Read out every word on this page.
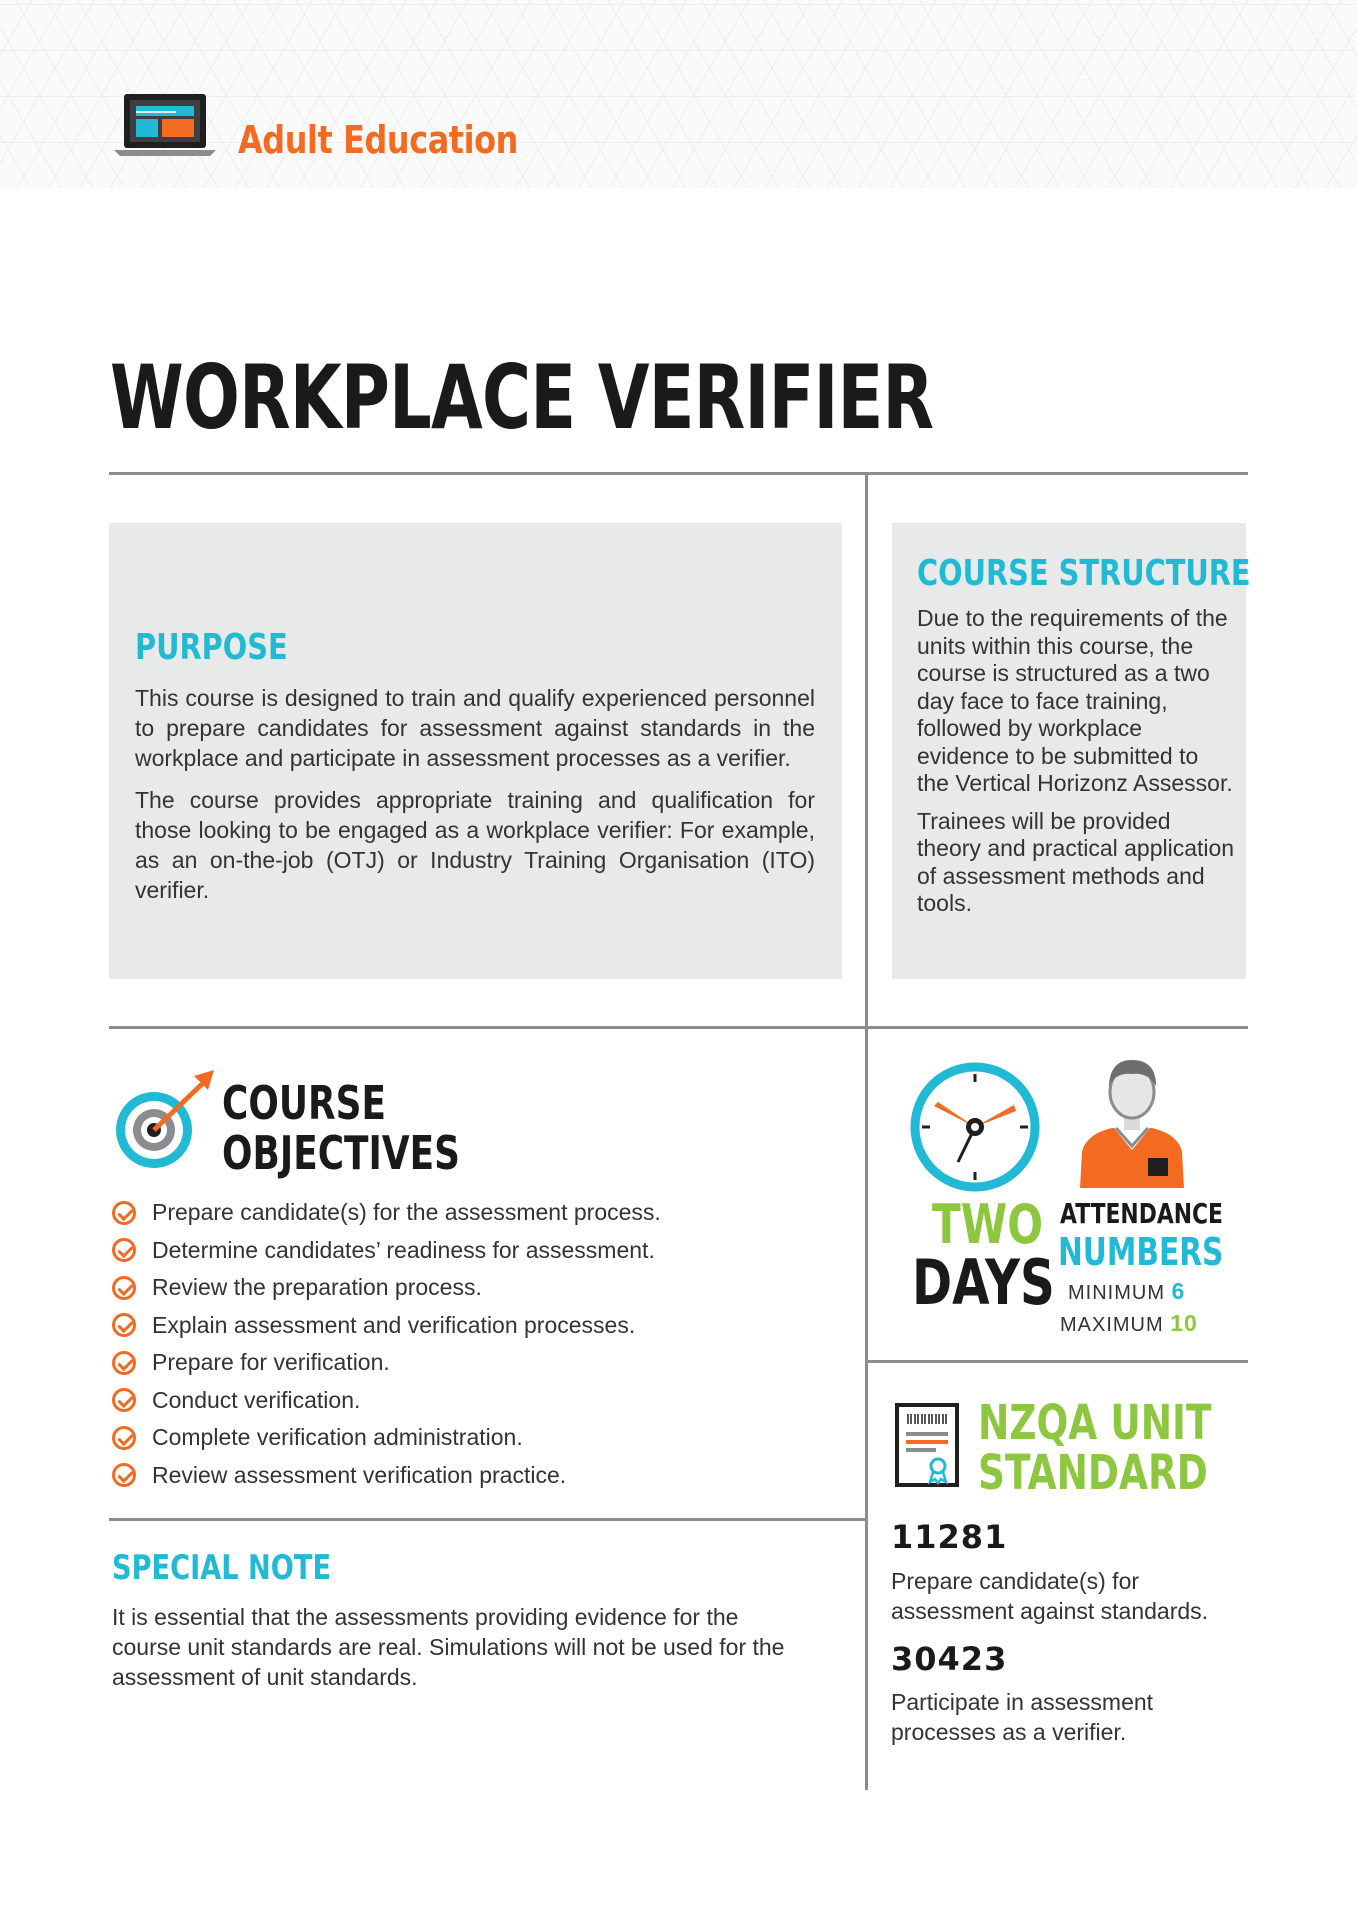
Adult Education
WORKPLACE VERIFIER
PURPOSE

This course is designed to train and qualify experienced personnel to prepare candidates for assessment against standards in the workplace and participate in assessment processes as a verifier.

The course provides appropriate training and qualification for those looking to be engaged as a workplace verifier: For example, as an on-the-job (OTJ) or Industry Training Organisation (ITO) verifier.

COURSE STRUCTURE

Due to the requirements of the units within this course, the course is structured as a two day face to face training, followed by workplace evidence to be submitted to the Vertical Horizonz Assessor.

Trainees will be provided theory and practical application of assessment methods and tools.

COURSE
OBJECTIVES
Prepare candidate(s) for the assessment process.
Determine candidates’ readiness for assessment.
Review the preparation process.
Explain assessment and verification processes.
Prepare for verification.
Conduct verification.
Complete verification administration.
Review assessment verification practice.
SPECIAL NOTE
It is essential that the assessments providing evidence for the course unit standards are real. Simulations will not be used for the assessment of unit standards.
TWO
DAYS
ATTENDANCE
NUMBERS
MINIMUM 6
MAXIMUM 10
NZQA UNIT
STANDARD
11281
Prepare candidate(s) for assessment against standards.
30423
Participate in assessment processes as a verifier.
